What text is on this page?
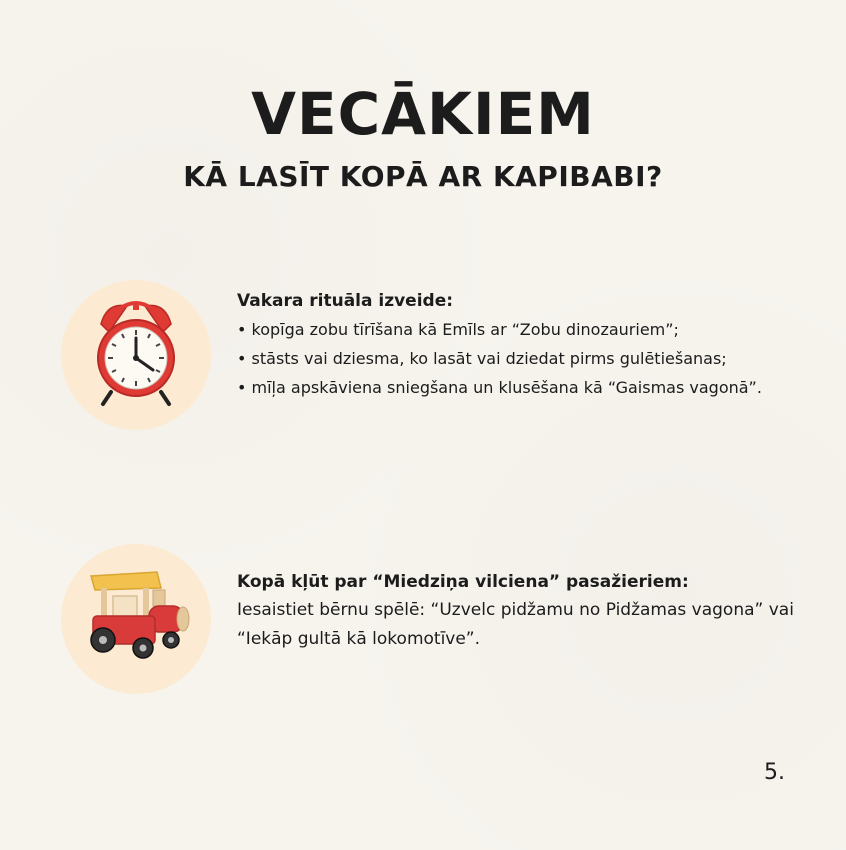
VECĀKIEM
KĀ LASĪT KOPĀ AR KAPIBABI?
Vakara rituāla izveide:
• kopīga zobu tīrīšana kā Emīls ar “Zobu dinozauriem”;
• stāsts vai dziesma, ko lasāt vai dziedat pirms gulētiešanas;
• mīļa apskāviena sniegšana un klusēšana kā “Gaismas vagonā”.
Kopā kļūt par “Miedziņa vilciena” pasažieriem:
Iesaistiet bērnu spēlē: “Uzvelc pidžamu no Pidžamas vagona” vai “Iekāp gultā kā lokomotīve”.
5.
